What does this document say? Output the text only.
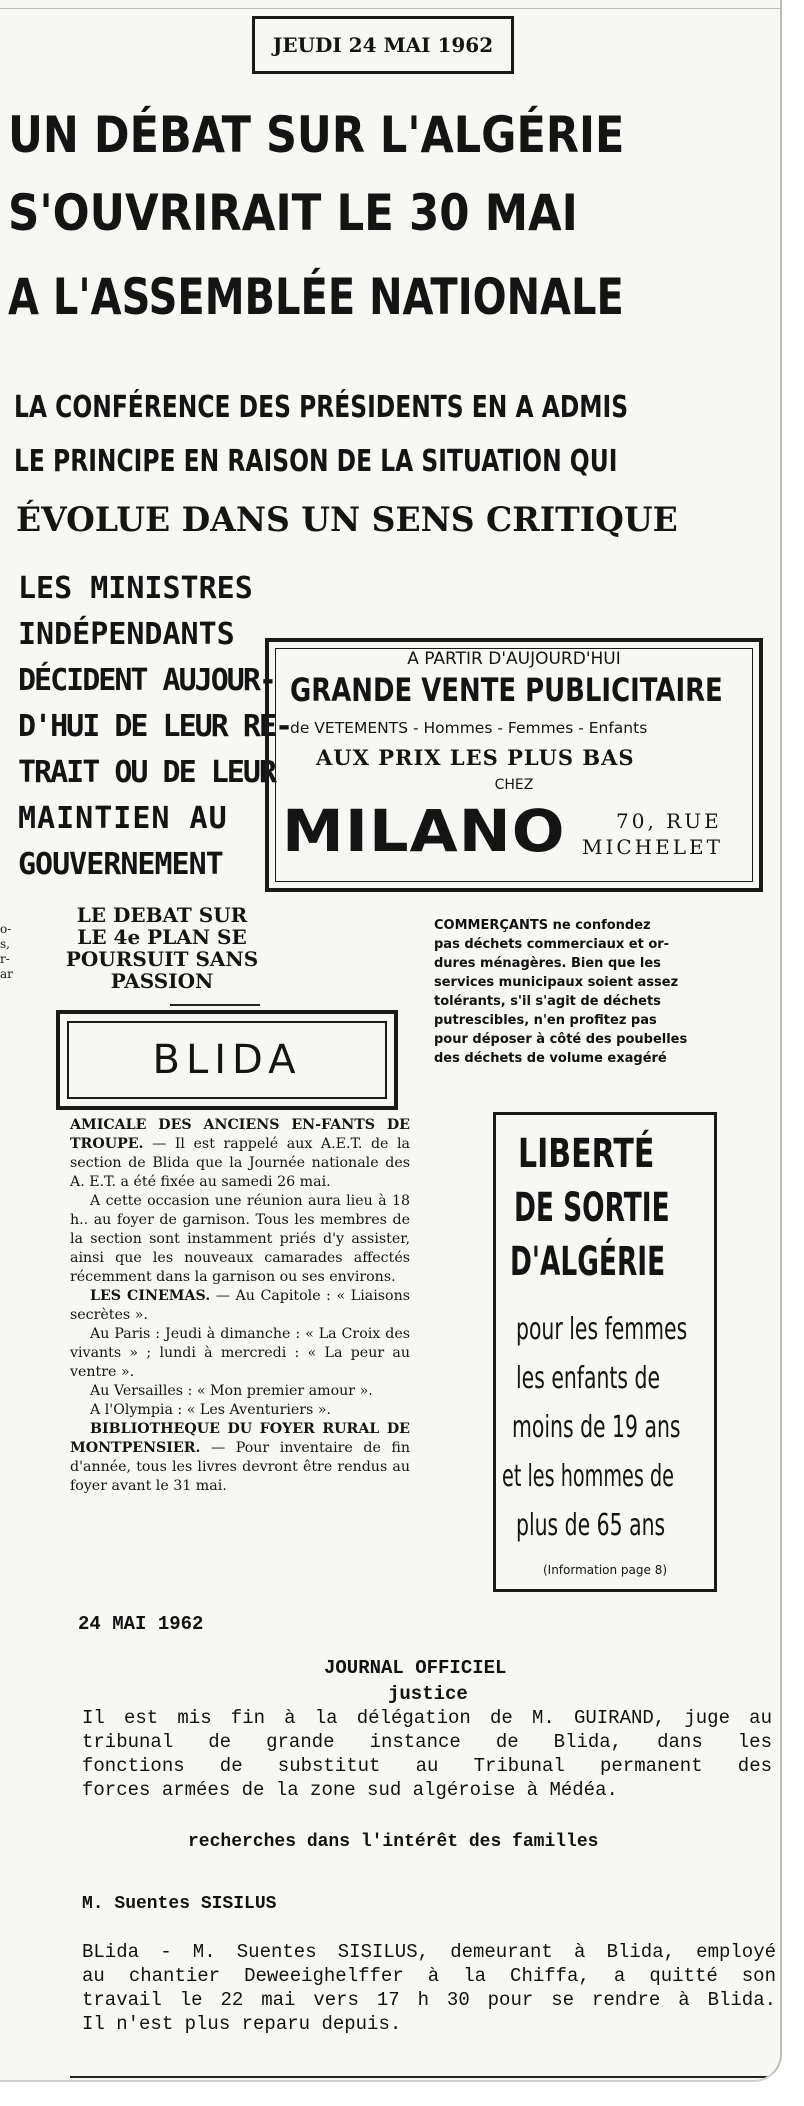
JEUDI 24 MAI 1962
UN DÉBAT SUR L'ALGÉRIE
S'OUVRIRAIT LE 30 MAI
A L'ASSEMBLÉE NATIONALE
LA CONFÉRENCE DES PRÉSIDENTS EN A ADMIS
LE PRINCIPE EN RAISON DE LA SITUATION QUI
ÉVOLUE DANS UN SENS CRITIQUE
LES MINISTRES
INDÉPENDANTS
DÉCIDENT AUJOUR-
D'HUI DE LEUR RE-
TRAIT OU DE LEUR
MAINTIEN AU
GOUVERNEMENT
o-
s,
r-
ar
LE DEBAT SUR
LE 4e PLAN SE
POURSUIT SANS
PASSION
A PARTIR D'AUJOURD'HUI
GRANDE VENTE PUBLICITAIRE
de VETEMENTS - Hommes - Femmes - Enfants
AUX PRIX LES PLUS BAS
CHEZ
MILANO	70, RUE
MICHELET
COMMERÇANTS ne confondez
pas déchets commerciaux et or-
dures ménagères. Bien que les
services municipaux soient assez
tolérants, s'il s'agit de déchets
putrescibles, n'en profitez pas
pour déposer à côté des poubelles
des déchets de volume exagéré
BLIDA

AMICALE DES ANCIENS EN-FANTS DE TROUPE. — Il est rappelé aux A.E.T. de la section de Blida que la Journée nationale des A. E.T. a été fixée au samedi 26 mai.

A cette occasion une réunion aura lieu à 18 h.. au foyer de garnison. Tous les membres de la section sont instamment priés d'y assister, ainsi que les nouveaux camarades affectés récemment dans la garnison ou ses environs.

LES CINEMAS. — Au Capitole : « Liaisons secrètes ».

Au Paris : Jeudi à dimanche : « La Croix des vivants » ; lundi à mercredi : « La peur au ventre ».

Au Versailles : « Mon premier amour ».

A l'Olympia : « Les Aventuriers ».

BIBLIOTHEQUE DU FOYER RURAL DE MONTPENSIER. — Pour inventaire de fin d'année, tous les livres devront être rendus au foyer avant le 31 mai.

LIBERTÉ
DE SORTIE
D'ALGÉRIE
pour les femmes
les enfants de
moins de 19 ans
et les hommes de
plus de 65 ans
(Information page 8)
24 MAI 1962
JOURNAL OFFICIEL
justice

Il est mis fin à la délégation de M. GUIRAND, juge au

tribunal de grande instance de Blida, dans les

fonctions de substitut au Tribunal permanent des

forces armées de la zone sud algéroise à Médéa.

recherches dans l'intérêt des familles
M. Suentes SISILUS

BLida - M. Suentes SISILUS, demeurant à Blida, employé

au chantier Deweeighelffer à la Chiffa, a quitté son

travail le 22 mai vers 17 h 30 pour se rendre à Blida.

Il n'est plus reparu depuis.
